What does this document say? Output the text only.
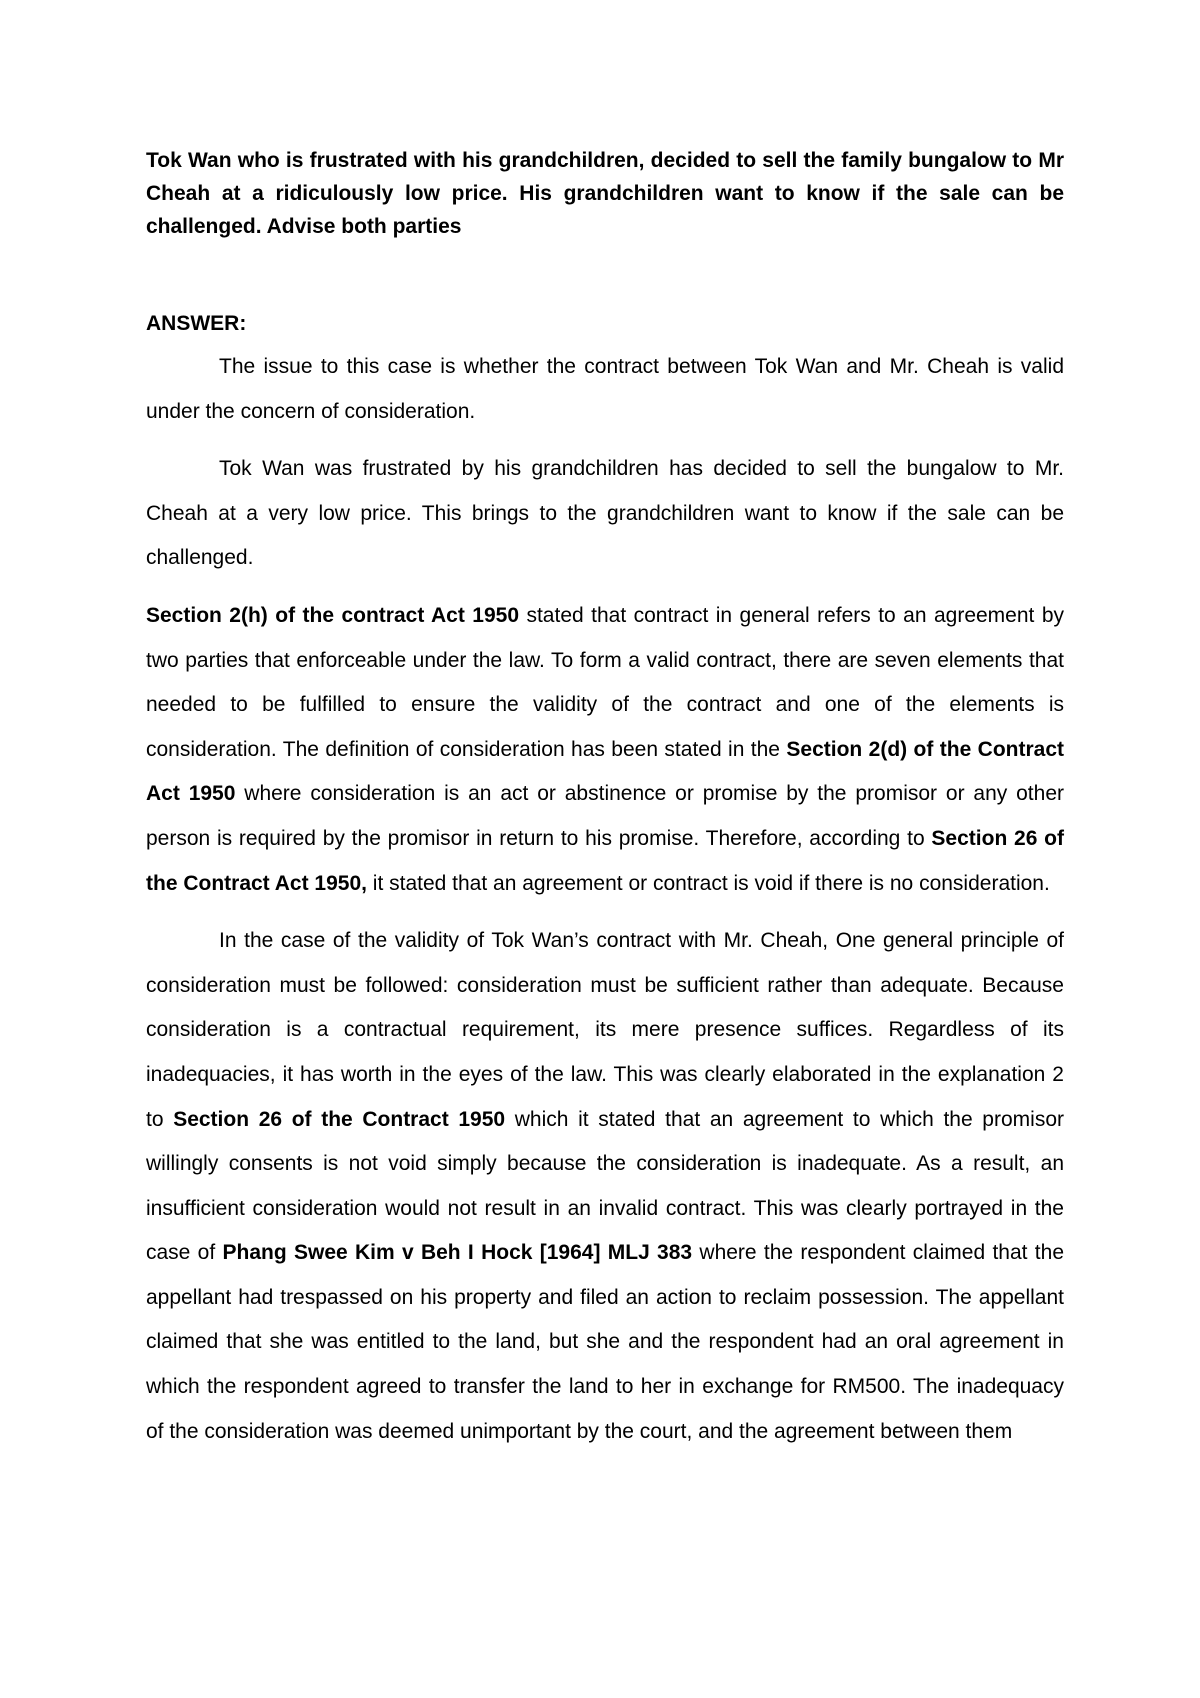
Tok Wan who is frustrated with his grandchildren, decided to sell the family bungalow to Mr Cheah at a ridiculously low price. His grandchildren want to know if the sale can be challenged. Advise both parties

ANSWER:

The issue to this case is whether the contract between Tok Wan and Mr. Cheah is valid under the concern of consideration.

Tok Wan was frustrated by his grandchildren has decided to sell the bungalow to Mr. Cheah at a very low price. This brings to the grandchildren want to know if the sale can be challenged.

Section 2(h) of the contract Act 1950 stated that contract in general refers to an agreement by two parties that enforceable under the law. To form a valid contract, there are seven elements that needed to be fulfilled to ensure the validity of the contract and one of the elements is consideration. The definition of consideration has been stated in the Section 2(d) of the Contract Act 1950 where consideration is an act or abstinence or promise by the promisor or any other person is required by the promisor in return to his promise. Therefore, according to Section 26 of the Contract Act 1950, it stated that an agreement or contract is void if there is no consideration.

In the case of the validity of Tok Wan’s contract with Mr. Cheah, One general principle of consideration must be followed: consideration must be sufficient rather than adequate. Because consideration is a contractual requirement, its mere presence suffices. Regardless of its inadequacies, it has worth in the eyes of the law. This was clearly elaborated in the explanation 2 to Section 26 of the Contract 1950 which it stated that an agreement to which the promisor willingly consents is not void simply because the consideration is inadequate. As a result, an insufficient consideration would not result in an invalid contract. This was clearly portrayed in the case of Phang Swee Kim v Beh I Hock [1964] MLJ 383 where the respondent claimed that the appellant had trespassed on his property and filed an action to reclaim possession. The appellant claimed that she was entitled to the land, but she and the respondent had an oral agreement in which the respondent agreed to transfer the land to her in exchange for RM500. The inadequacy of the consideration was deemed unimportant by the court, and the agreement between them
